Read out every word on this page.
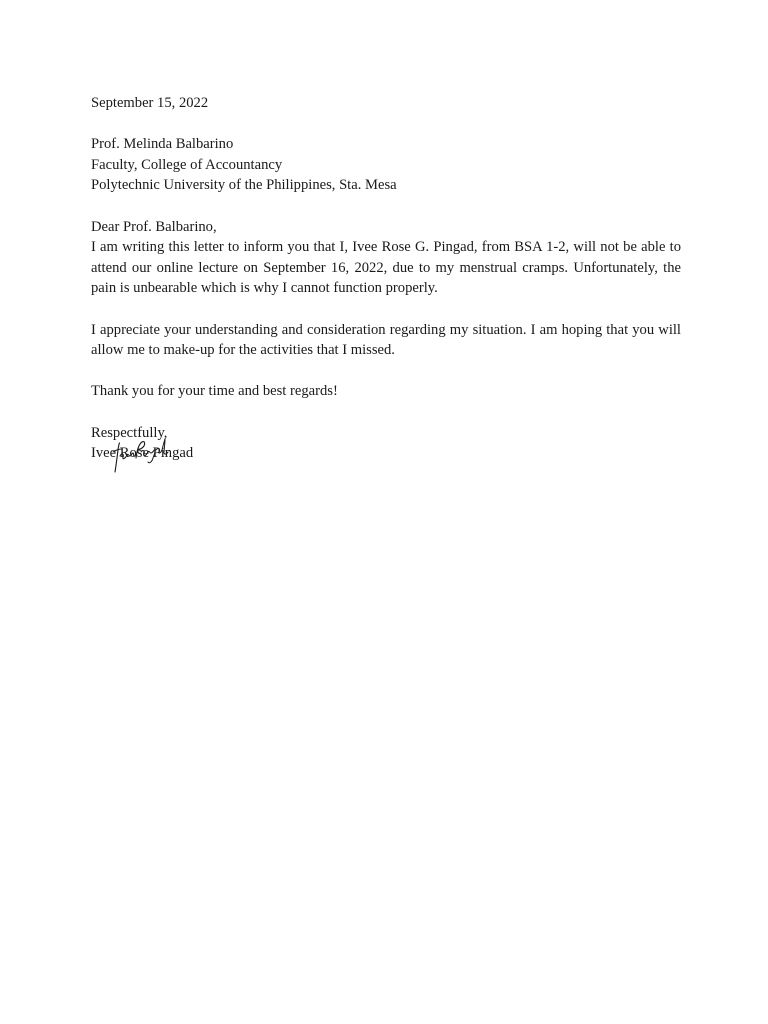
September 15, 2022
Prof. Melinda Balbarino
Faculty, College of Accountancy
Polytechnic University of the Philippines, Sta. Mesa
Dear Prof. Balbarino,

I am writing this letter to inform you that I, Ivee Rose G. Pingad, from BSA 1-2, will not be able to attend our online lecture on September 16, 2022, due to my menstrual cramps. Unfortunately, the pain is unbearable which is why I cannot function properly.

I appreciate your understanding and consideration regarding my situation. I am hoping that you will allow me to make-up for the activities that I missed.

Thank you for your time and best regards!

Respectfully,
Ivee Rose Pingad
